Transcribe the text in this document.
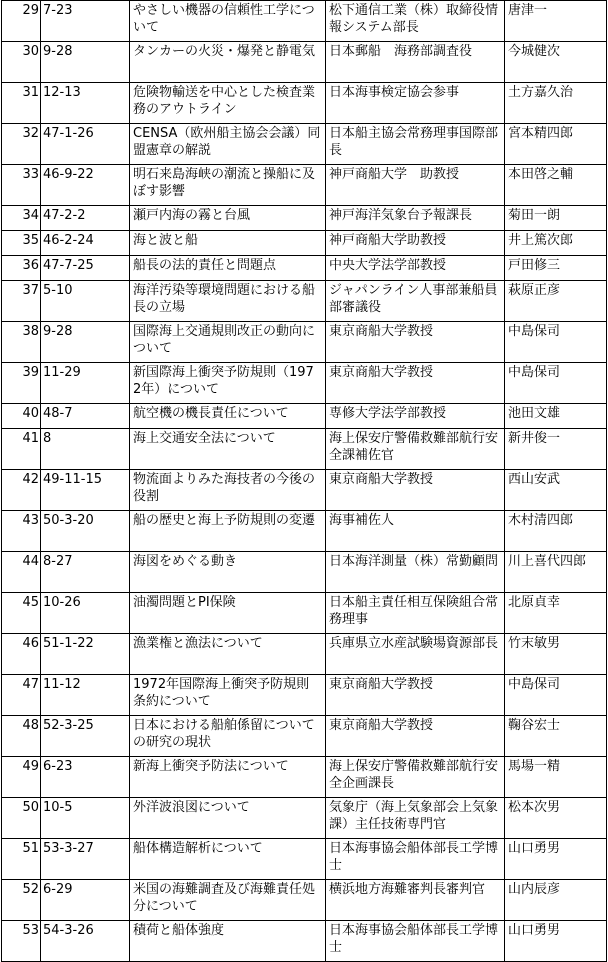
29	7-23	やさしい機器の信頼性工学について	松下通信工業（株）取締役情報システム部長	唐津一
30	9-28	タンカーの火災・爆発と静電気	日本郵船　海務部調査役	今城健次
31	12-13	危険物輸送を中心とした検査業務のアウトライン	日本海事検定協会参事	土方嘉久治
32	47-1-26	CENSA（欧州船主協会会議）同盟憲章の解説	日本船主協会常務理事国際部長	宮本精四郎
33	46-9-22	明石来島海峡の潮流と操船に及ぼす影響	神戸商船大学　助教授	本田啓之輔
34	47-2-2	瀬戸内海の霧と台風	神戸海洋気象台予報課長	菊田一朗
35	46-2-24	海と波と船	神戸商船大学助教授	井上篤次郎
36	47-7-25	船長の法的責任と問題点	中央大学法学部教授	戸田修三
37	5-10	海洋汚染等環境問題における船長の立場	ジャパンライン人事部兼船員部審議役	萩原正彦
38	9-28	国際海上交通規則改正の動向について	東京商船大学教授	中島保司
39	11-29	新国際海上衝突予防規則（1972年）について	東京商船大学教授	中島保司
40	48-7	航空機の機長責任について	専修大学法学部教授	池田文雄
41	8	海上交通安全法について	海上保安庁警備救難部航行安全課補佐官	新井俊一
42	49-11-15	物流面よりみた海技者の今後の役割	東京商船大学教授	西山安武
43	50-3-20	船の歴史と海上予防規則の変遷	海事補佐人	木村清四郎
44	8-27	海図をめぐる動き	日本海洋測量（株）常勤顧問	川上喜代四郎
45	10-26	油濁問題とPI保険	日本船主責任相互保険組合常務理事	北原貞幸
46	51-1-22	漁業権と漁法について	兵庫県立水産試験場資源部長	竹末敏男
47	11-12	1972年国際海上衝突予防規則条約について	東京商船大学教授	中島保司
48	52-3-25	日本における船舶係留についての研究の現状	東京商船大学教授	鞠谷宏士
49	6-23	新海上衝突予防法について	海上保安庁警備救難部航行安全企画課長	馬場一精
50	10-5	外洋波浪図について	気象庁（海上気象部会上気象課）主任技術専門官	松本次男
51	53-3-27	船体構造解析について	日本海事協会船体部長工学博士	山口勇男
52	6-29	米国の海難調査及び海難責任処分について	横浜地方海難審判長審判官	山内辰彦
53	54-3-26	積荷と船体強度	日本海事協会船体部長工学博士	山口勇男
